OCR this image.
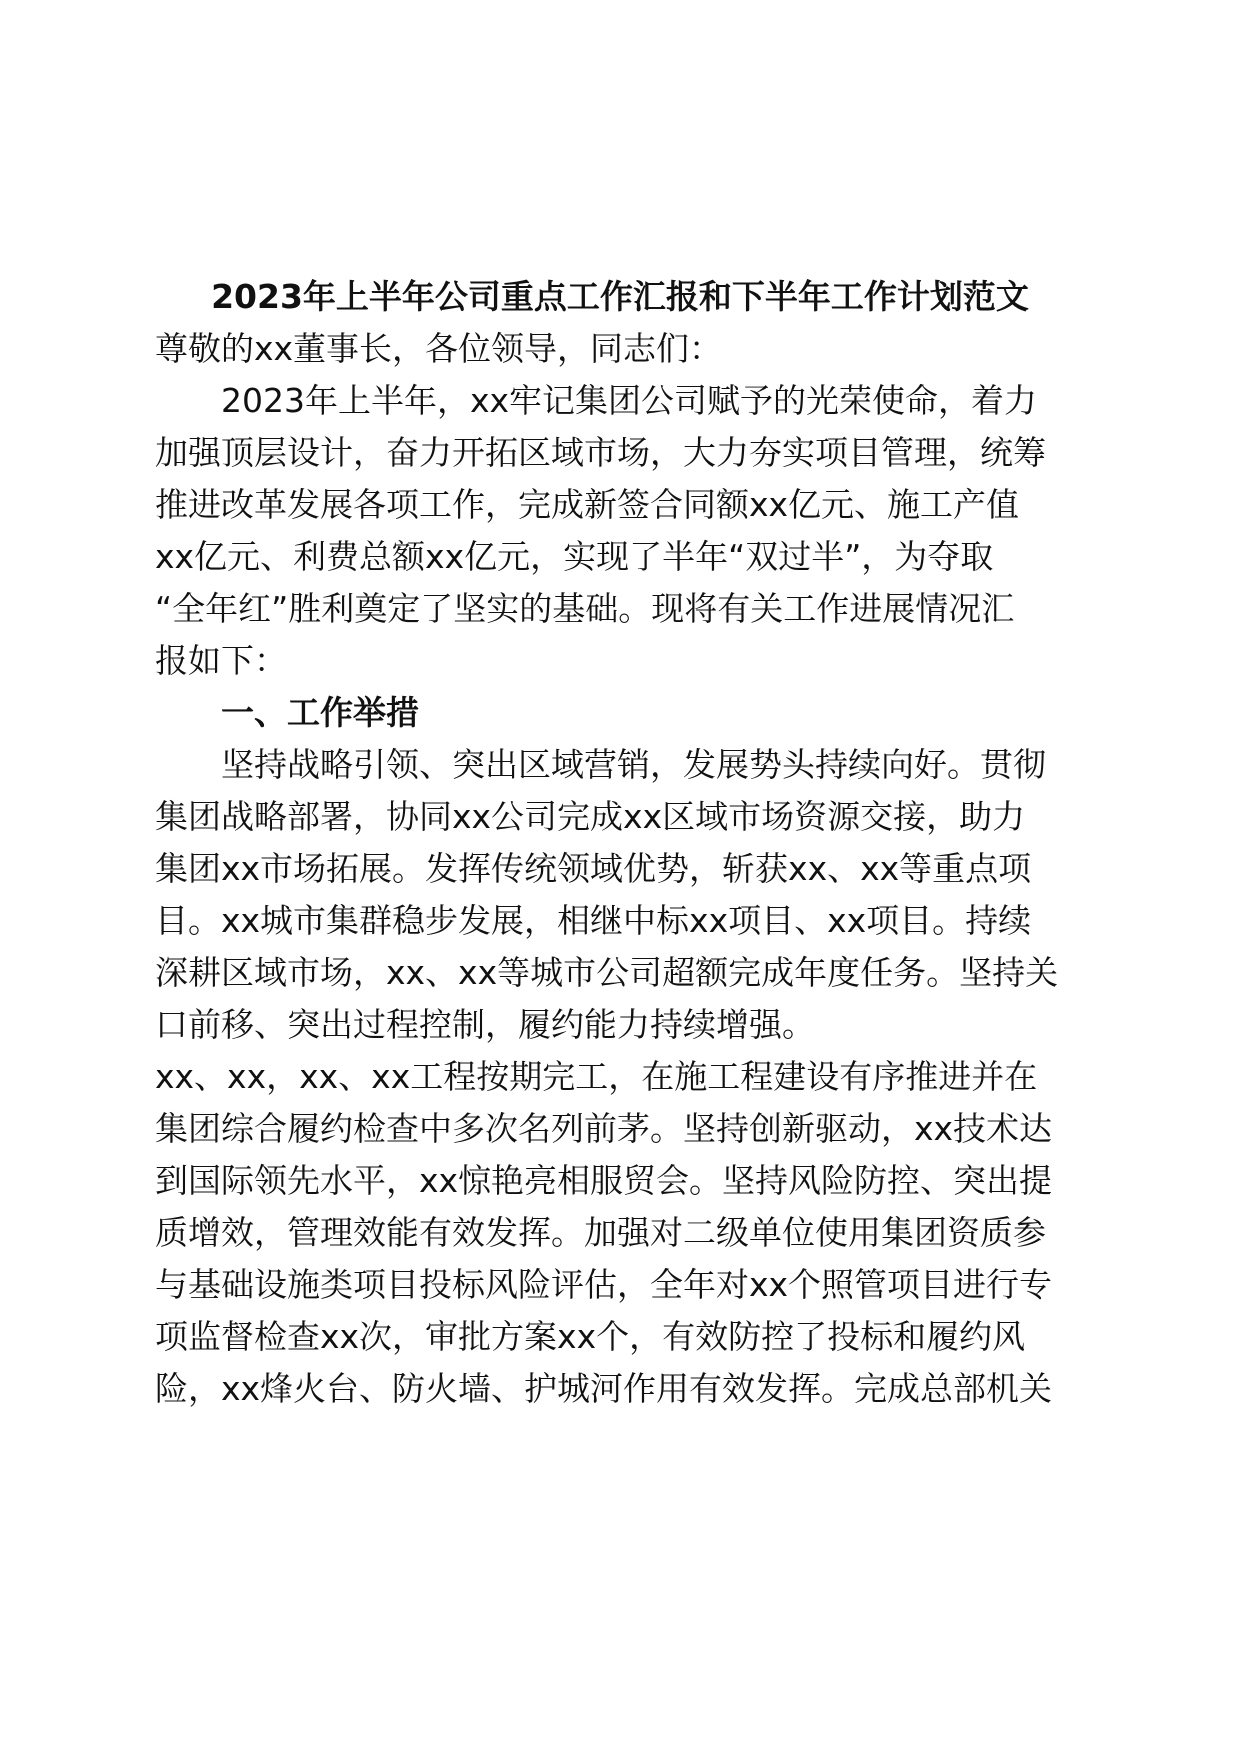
2023年上半年公司重点工作汇报和下半年工作计划范文
尊敬的xx董事长，各位领导，同志们：
　　2023年上半年，xx牢记集团公司赋予的光荣使命，着力
加强顶层设计，奋力开拓区域市场，大力夯实项目管理，统筹
推进改革发展各项工作，完成新签合同额xx亿元、施工产值
xx亿元、利费总额xx亿元，实现了半年“双过半”，为夺取
“全年红”胜利奠定了坚实的基础。现将有关工作进展情况汇
报如下：
　　一、工作举措
　　坚持战略引领、突出区域营销，发展势头持续向好。贯彻
集团战略部署，协同xx公司完成xx区域市场资源交接，助力
集团xx市场拓展。发挥传统领域优势，斩获xx、xx等重点项
目。xx城市集群稳步发展，相继中标xx项目、xx项目。持续
深耕区域市场，xx、xx等城市公司超额完成年度任务。坚持关
口前移、突出过程控制，履约能力持续增强。
xx、xx，xx、xx工程按期完工，在施工程建设有序推进并在
集团综合履约检查中多次名列前茅。坚持创新驱动，xx技术达
到国际领先水平，xx惊艳亮相服贸会。坚持风险防控、突出提
质增效，管理效能有效发挥。加强对二级单位使用集团资质参
与基础设施类项目投标风险评估，全年对xx个照管项目进行专
项监督检查xx次，审批方案xx个，有效防控了投标和履约风
险，xx烽火台、防火墙、护城河作用有效发挥。完成总部机关
